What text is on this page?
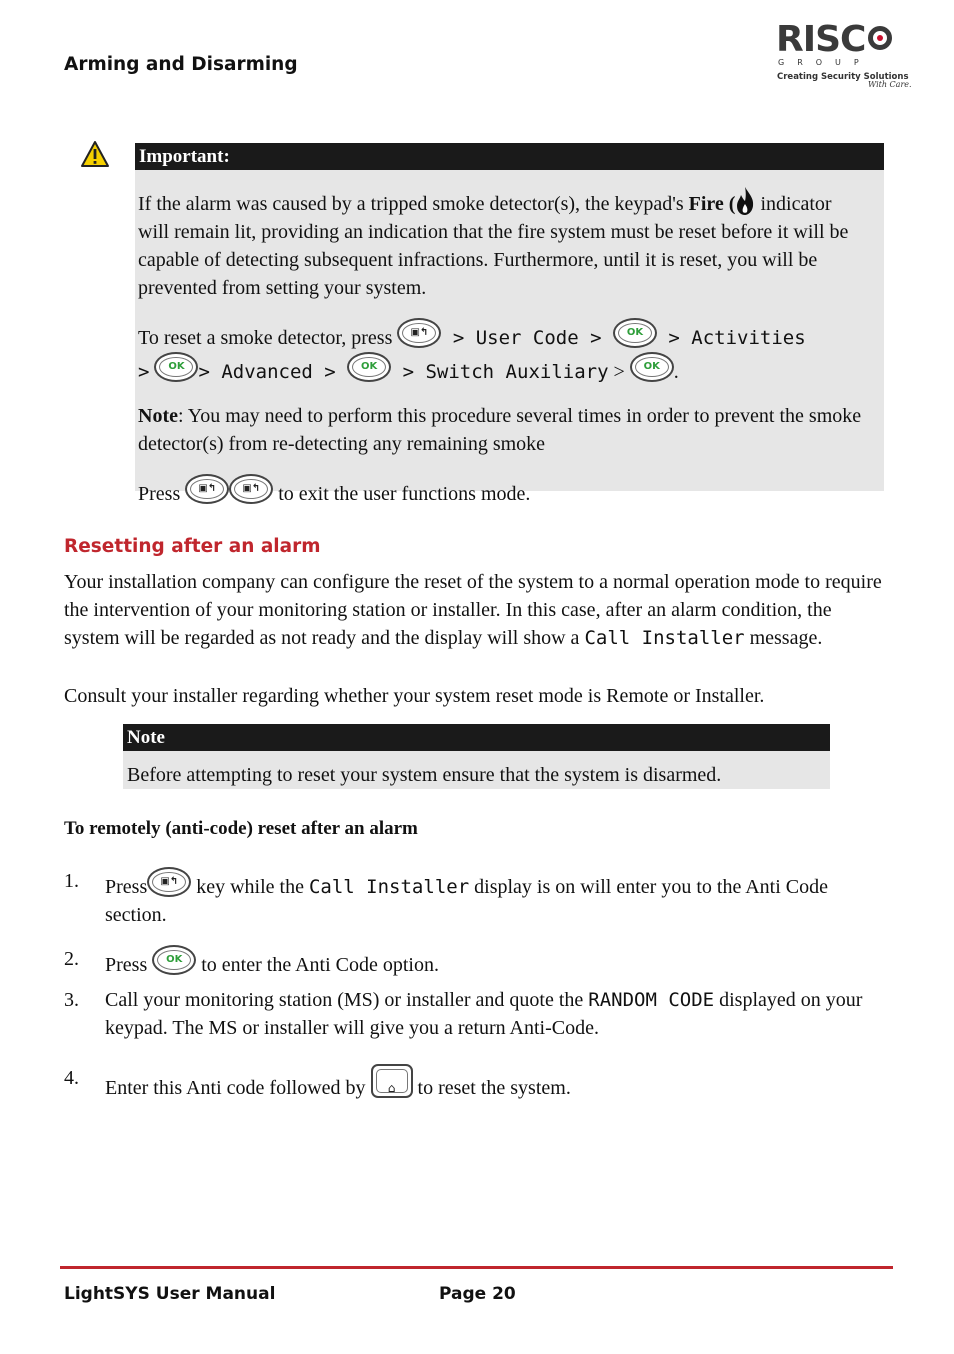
Arming and Disarming
RISC
GROUP
Creating Security Solutions
With Care.
Important:
If the alarm was caused by a tripped smoke detector(s), the keypad's Fire ( indicator will remain lit, providing an indication that the fire system must be reset before it will be capable of detecting subsequent infractions. Furthermore, until it is reset, you will be prevented from setting your system.
To reset a smoke detector, press	▣↰ > User Code >	OK > Activities
>	OK > Advanced >	OK > Switch Auxiliary >	OK .
Note: You may need to perform this procedure several times in order to prevent the smoke detector(s) from re-detecting any remaining smoke
Press	▣↰	▣↰ to exit the user functions mode.
Resetting after an alarm
Your installation company can configure the reset of the system to a normal operation mode to require the intervention of your monitoring station or installer. In this case, after an alarm condition, the system will be regarded as not ready and the display will show a Call Installer message.
Consult your installer regarding whether your system reset mode is Remote or Installer.
Note
Before attempting to reset your system ensure that the system is disarmed.
To remotely (anti-code) reset after an alarm
1. Press	▣↰ key while the Call Installer display is on will enter you to the Anti Code section.
2. Press	OK to enter the Anti Code option.
3. Call your monitoring station (MS) or installer and quote the RANDOM CODE displayed on your keypad. The MS or installer will give you a return Anti-Code.
4. Enter this Anti code followed by	⌂ to reset the system.
LightSYS User Manual	Page 20
